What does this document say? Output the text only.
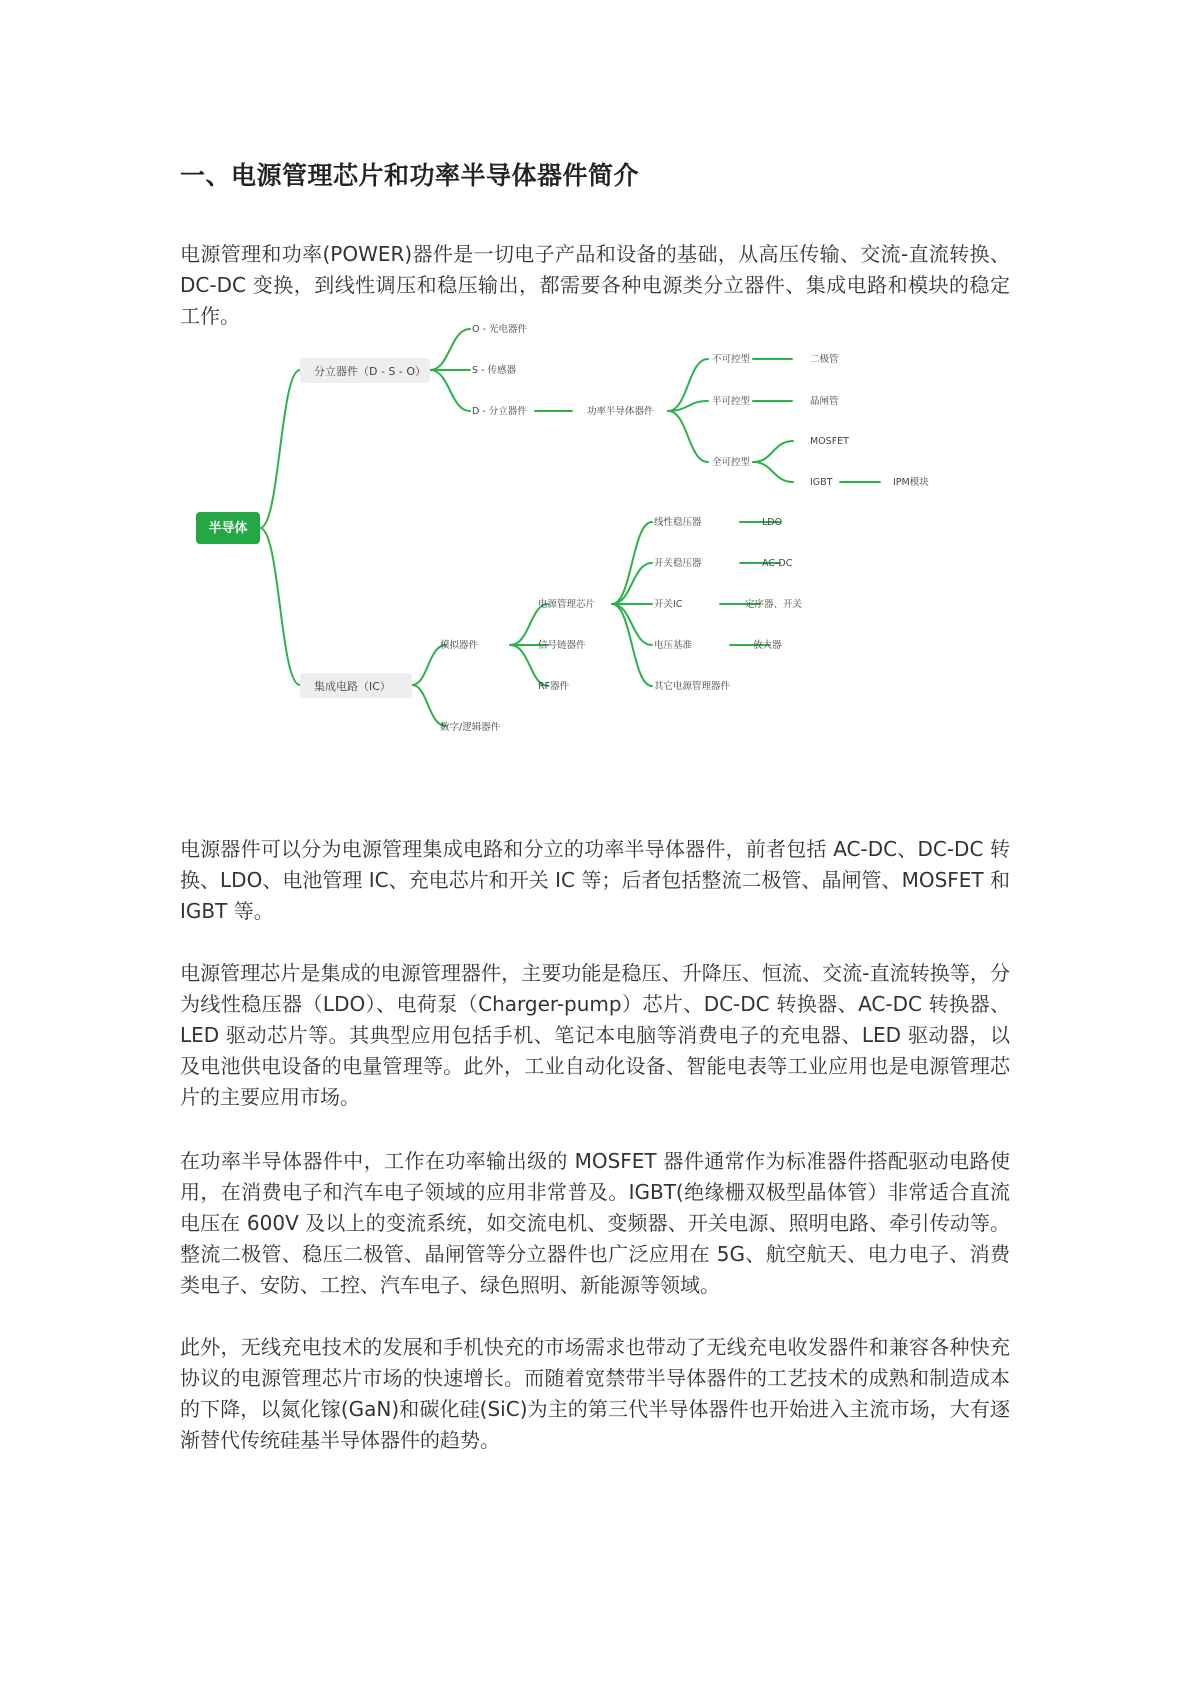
一、电源管理芯片和功率半导体器件简介

电源管理和功率(POWER)器件是一切电子产品和设备的基础，从高压传输、交流-直流转换、DC-DC 变换，到线性调压和稳压输出，都需要各种电源类分立器件、集成电路和模块的稳定工作。

半导体
分立器件（D - S - O）
集成电路（IC）
O - 光电器件
S - 传感器
D - 分立器件	功率半导体器件
不可控型	二极管
半可控型	晶闸管
全可控型
MOSFET
IGBT	IPM模块
模拟器件
数字/逻辑器件
电源管理芯片
信号链器件
RF器件
线性稳压器	LDO
开关稳压器	AC-DC
开关IC	定序器、开关
电压基准	放大器
其它电源管理器件

电源器件可以分为电源管理集成电路和分立的功率半导体器件，前者包括 AC-DC、DC-DC 转换、LDO、电池管理 IC、充电芯片和开关 IC 等；后者包括整流二极管、晶闸管、MOSFET 和 IGBT 等。

电源管理芯片是集成的电源管理器件，主要功能是稳压、升降压、恒流、交流-直流转换等，分为线性稳压器（LDO）、电荷泵（Charger-pump）芯片、DC-DC 转换器、AC-DC 转换器、LED 驱动芯片等。其典型应用包括手机、笔记本电脑等消费电子的充电器、LED 驱动器，以及电池供电设备的电量管理等。此外，工业自动化设备、智能电表等工业应用也是电源管理芯片的主要应用市场。

在功率半导体器件中，工作在功率输出级的 MOSFET 器件通常作为标准器件搭配驱动电路使用，在消费电子和汽车电子领域的应用非常普及。IGBT(绝缘栅双极型晶体管）非常适合直流电压在 600V 及以上的变流系统，如交流电机、变频器、开关电源、照明电路、牵引传动等。整流二极管、稳压二极管、晶闸管等分立器件也广泛应用在 5G、航空航天、电力电子、消费类电子、安防、工控、汽车电子、绿色照明、新能源等领域。

此外，无线充电技术的发展和手机快充的市场需求也带动了无线充电收发器件和兼容各种快充协议的电源管理芯片市场的快速增长。而随着宽禁带半导体器件的工艺技术的成熟和制造成本的下降，以氮化镓(GaN)和碳化硅(SiC)为主的第三代半导体器件也开始进入主流市场，大有逐渐替代传统硅基半导体器件的趋势。
